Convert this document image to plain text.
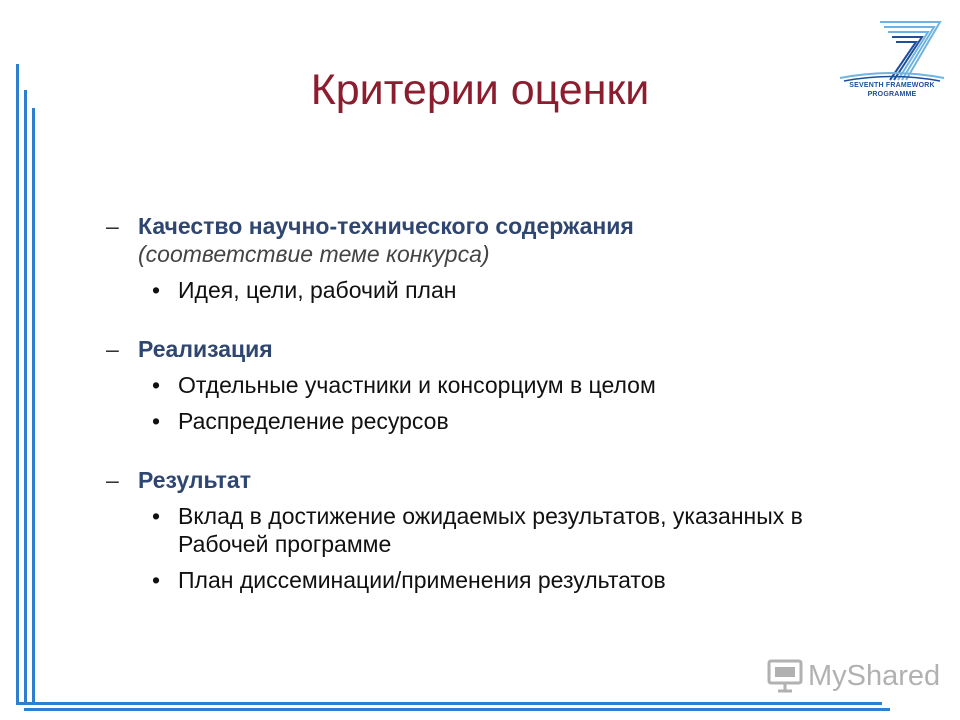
Критерии оценки	SEVENTH FRAMEWORK
PROGRAMME
– Качество научно-технического содержания
(соответствие теме конкурса)
• Идея, цели, рабочий план
– Реализация
• Отдельные участники и консорциум в целом
• Распределение ресурсов
– Результат
• Вклад в достижение ожидаемых результатов, указанных в Рабочей программе
• План диссеминации/применения результатов
MyShared
